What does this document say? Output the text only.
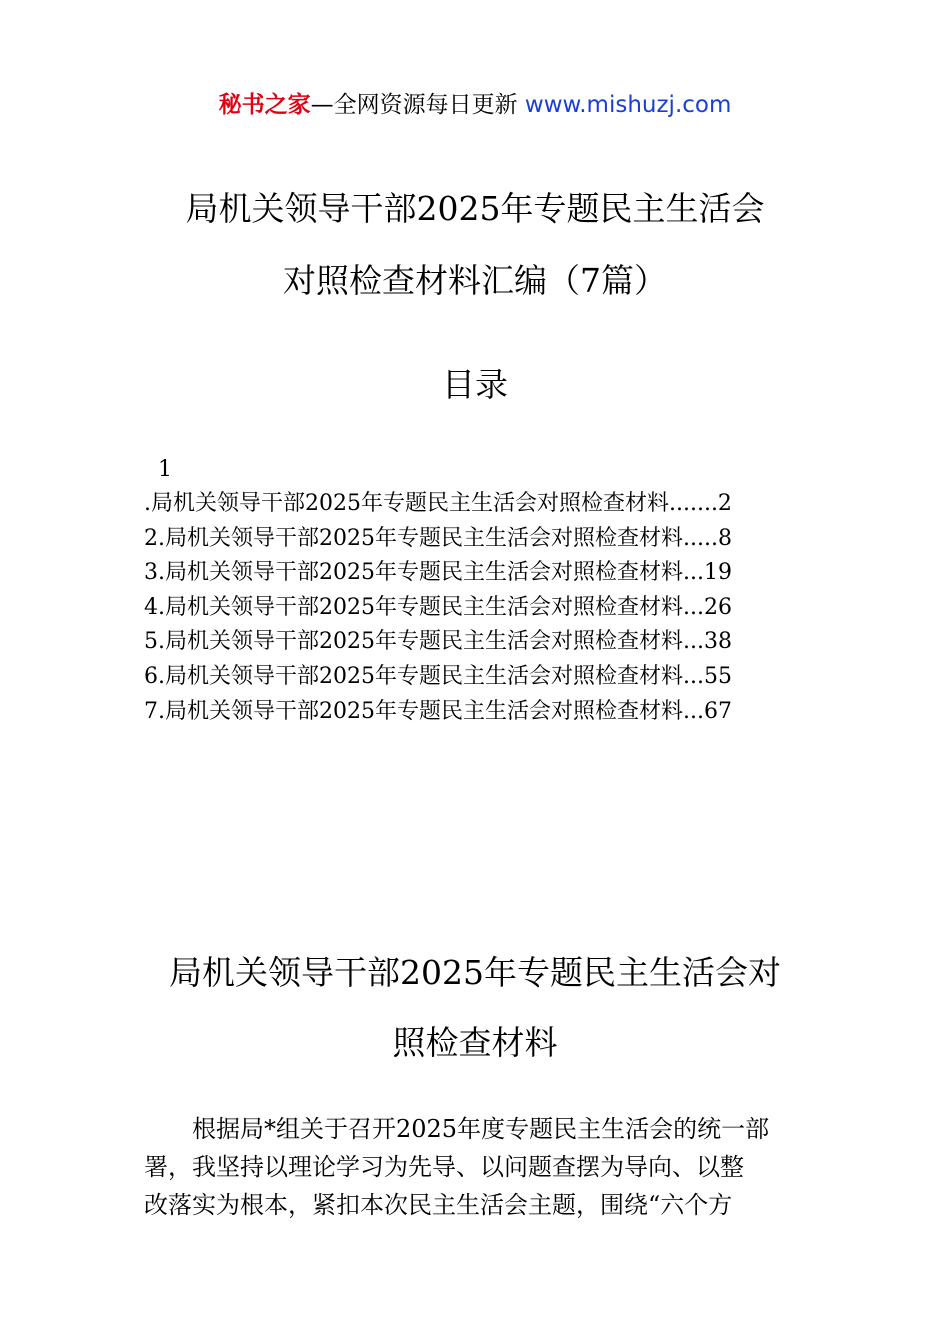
秘书之家—全网资源每日更新 www.mishuzj.com
局机关领导干部2025年专题民主生活会
对照检查材料汇编（7篇）
目录
1
.局机关领导干部2025年专题民主生活会对照检查材料.......2
2.局机关领导干部2025年专题民主生活会对照检查材料.....8
3.局机关领导干部2025年专题民主生活会对照检查材料...19
4.局机关领导干部2025年专题民主生活会对照检查材料...26
5.局机关领导干部2025年专题民主生活会对照检查材料...38
6.局机关领导干部2025年专题民主生活会对照检查材料...55
7.局机关领导干部2025年专题民主生活会对照检查材料...67
局机关领导干部2025年专题民主生活会对
照检查材料

根据局*组关于召开2025年度专题民主生活会的统一部
署，我坚持以理论学习为先导、以问题查摆为导向、以整
改落实为根本，紧扣本次民主生活会主题，围绕“六个方
